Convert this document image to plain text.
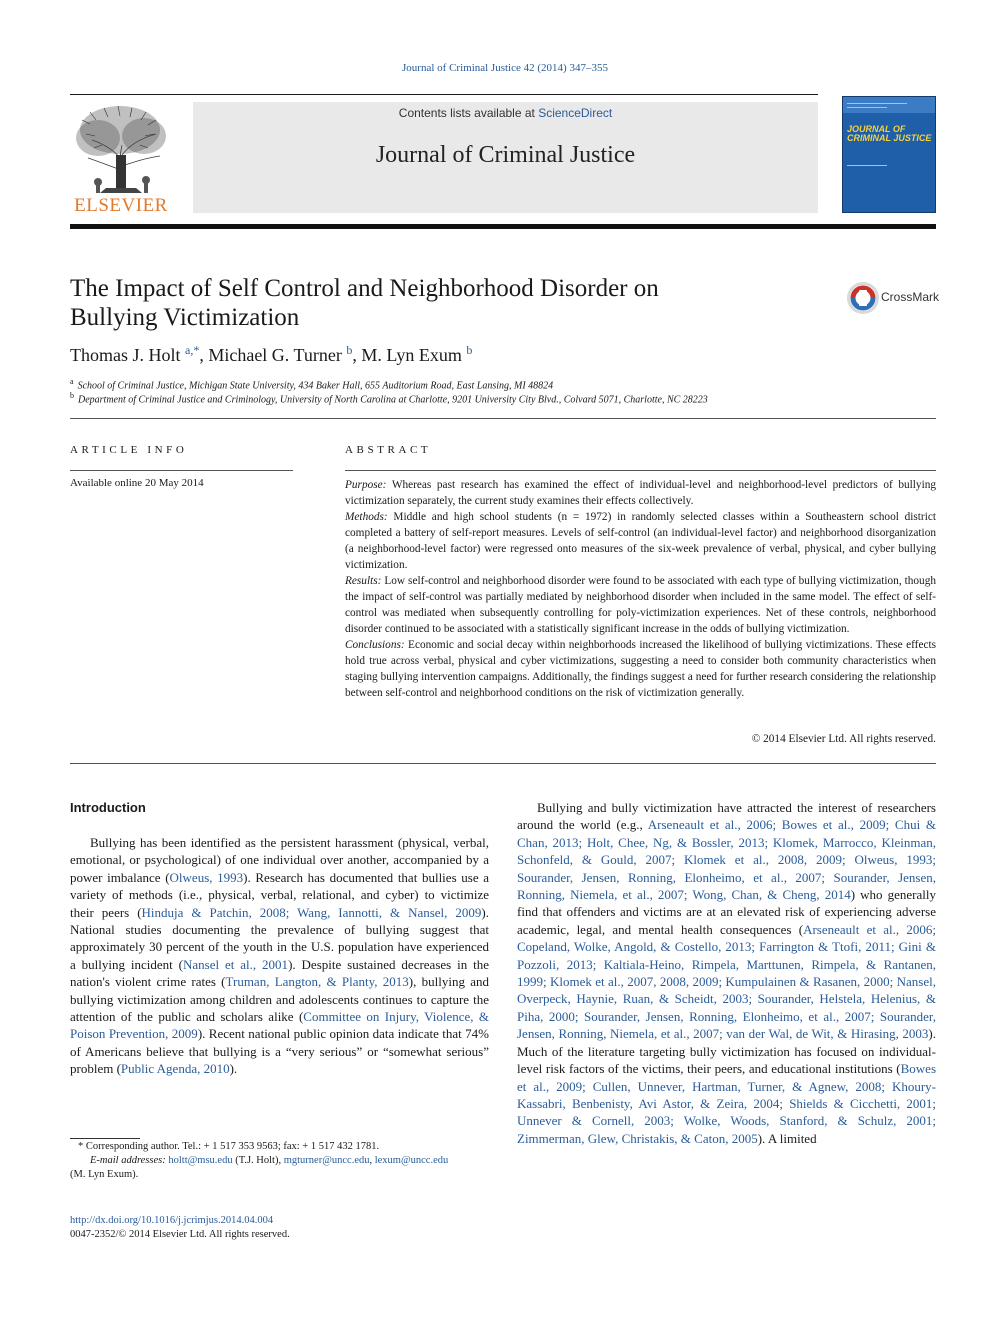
Journal of Criminal Justice 42 (2014) 347–355
ELSEVIER
Contents lists available at ScienceDirect
Journal of Criminal Justice
JOURNAL OF CRIMINAL JUSTICE
The Impact of Self Control and Neighborhood Disorder on Bullying Victimization
CrossMark
Thomas J. Holt $^{a,*}$, Michael G. Turner $^b$, M. Lyn Exum $^b$
$^a$ School of Criminal Justice, Michigan State University, 434 Baker Hall, 655 Auditorium Road, East Lansing, MI 48824
$^b$ Department of Criminal Justice and Criminology, University of North Carolina at Charlotte, 9201 University City Blvd., Colvard 5071, Charlotte, NC 28223
ARTICLE INFO
Available online 20 May 2014
ABSTRACT
Purpose: Whereas past research has examined the effect of individual-level and neighborhood-level predictors of bullying victimization separately, the current study examines their effects collectively.
Methods: Middle and high school students (n = 1972) in randomly selected classes within a Southeastern school district completed a battery of self-report measures. Levels of self-control (an individual-level factor) and neighborhood disorganization (a neighborhood-level factor) were regressed onto measures of the six-week prevalence of verbal, physical, and cyber bullying victimization.
Results: Low self-control and neighborhood disorder were found to be associated with each type of bullying victimization, though the impact of self-control was partially mediated by neighborhood disorder when included in the same model. The effect of self-control was mediated when subsequently controlling for poly-victimization experiences. Net of these controls, neighborhood disorder continued to be associated with a statistically significant increase in the odds of bullying victimization.
Conclusions: Economic and social decay within neighborhoods increased the likelihood of bullying victimizations. These effects hold true across verbal, physical and cyber victimizations, suggesting a need to consider both community characteristics when staging bullying intervention campaigns. Additionally, the findings suggest a need for further research considering the relationship between self-control and neighborhood conditions on the risk of victimization generally.
© 2014 Elsevier Ltd. All rights reserved.
Introduction

Bullying has been identified as the persistent harassment (physical, verbal, emotional, or psychological) of one individual over another, accompanied by a power imbalance (Olweus, 1993). Research has documented that bullies use a variety of methods (i.e., physical, verbal, relational, and cyber) to victimize their peers (Hinduja & Patchin, 2008; Wang, Iannotti, & Nansel, 2009). National studies documenting the prevalence of bullying suggest that approximately 30 percent of the youth in the U.S. population have experienced a bullying incident (Nansel et al., 2001). Despite sustained decreases in the nation's violent crime rates (Truman, Langton, & Planty, 2013), bullying and bullying victimization among children and adolescents continues to capture the attention of the public and scholars alike (Committee on Injury, Violence, & Poison Prevention, 2009). Recent national public opinion data indicate that 74% of Americans believe that bullying is a “very serious” or “somewhat serious” problem (Public Agenda, 2010).

Bullying and bully victimization have attracted the interest of researchers around the world (e.g., Arseneault et al., 2006; Bowes et al., 2009; Chui & Chan, 2013; Holt, Chee, Ng, & Bossler, 2013; Klomek, Marrocco, Kleinman, Schonfeld, & Gould, 2007; Klomek et al., 2008, 2009; Olweus, 1993; Sourander, Jensen, Ronning, Elonheimo, et al., 2007; Sourander, Jensen, Ronning, Niemela, et al., 2007; Wong, Chan, & Cheng, 2014) who generally find that offenders and victims are at an elevated risk of experiencing adverse academic, legal, and mental health consequences (Arseneault et al., 2006; Copeland, Wolke, Angold, & Costello, 2013; Farrington & Ttofi, 2011; Gini & Pozzoli, 2013; Kaltiala-Heino, Rimpela, Marttunen, Rimpela, & Rantanen, 1999; Klomek et al., 2007, 2008, 2009; Kumpulainen & Rasanen, 2000; Nansel, Overpeck, Haynie, Ruan, & Scheidt, 2003; Sourander, Helstela, Helenius, & Piha, 2000; Sourander, Jensen, Ronning, Elonheimo, et al., 2007; Sourander, Jensen, Ronning, Niemela, et al., 2007; van der Wal, de Wit, & Hirasing, 2003). Much of the literature targeting bully victimization has focused on individual-level risk factors of the victims, their peers, and educational institutions (Bowes et al., 2009; Cullen, Unnever, Hartman, Turner, & Agnew, 2008; Khoury-Kassabri, Benbenisty, Avi Astor, & Zeira, 2004; Shields & Cicchetti, 2001; Unnever & Cornell, 2003; Wolke, Woods, Stanford, & Schulz, 2001; Zimmerman, Glew, Christakis, & Caton, 2005). A limited

* Corresponding author. Tel.: + 1 517 353 9563; fax: + 1 517 432 1781.
E-mail addresses: holtt@msu.edu (T.J. Holt), mgturner@uncc.edu, lexum@uncc.edu
(M. Lyn Exum).
http://dx.doi.org/10.1016/j.jcrimjus.2014.04.004
0047-2352/© 2014 Elsevier Ltd. All rights reserved.
